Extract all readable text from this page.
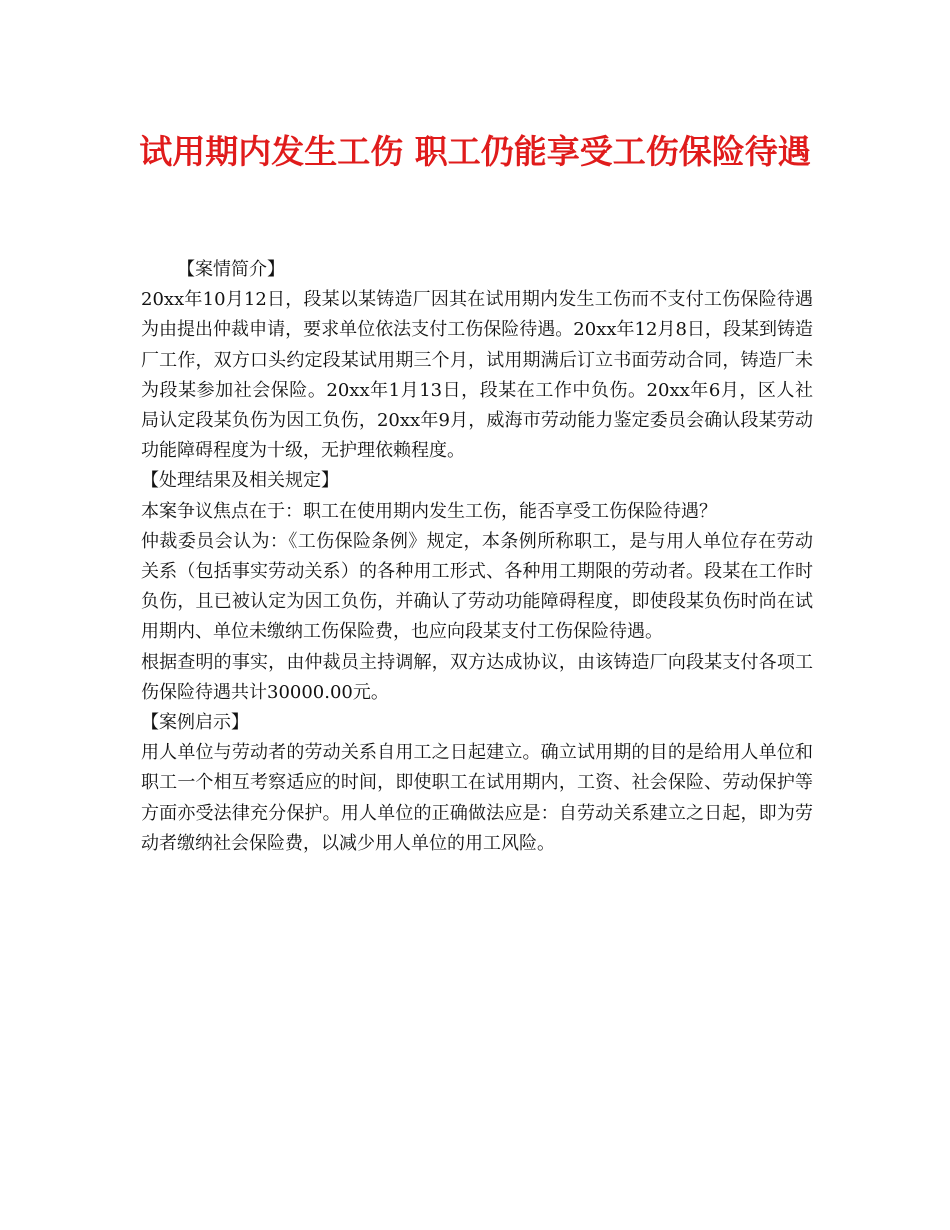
试用期内发生工伤 职工仍能享受工伤保险待遇

【案情简介】

20xx年10月12日，段某以某铸造厂因其在试用期内发生工伤而不支付工伤保险待遇为由提出仲裁申请，要求单位依法支付工伤保险待遇。20xx年12月8日，段某到铸造厂工作，双方口头约定段某试用期三个月，试用期满后订立书面劳动合同，铸造厂未为段某参加社会保险。20xx年1月13日，段某在工作中负伤。20xx年6月，区人社局认定段某负伤为因工负伤，20xx年9月，威海市劳动能力鉴定委员会确认段某劳动功能障碍程度为十级，无护理依赖程度。

【处理结果及相关规定】

本案争议焦点在于：职工在使用期内发生工伤，能否享受工伤保险待遇？

仲裁委员会认为：《工伤保险条例》规定，本条例所称职工，是与用人单位存在劳动关系（包括事实劳动关系）的各种用工形式、各种用工期限的劳动者。段某在工作时负伤，且已被认定为因工负伤，并确认了劳动功能障碍程度，即使段某负伤时尚在试用期内、单位未缴纳工伤保险费，也应向段某支付工伤保险待遇。

根据查明的事实，由仲裁员主持调解，双方达成协议，由该铸造厂向段某支付各项工伤保险待遇共计30000.00元。

【案例启示】

用人单位与劳动者的劳动关系自用工之日起建立。确立试用期的目的是给用人单位和职工一个相互考察适应的时间，即使职工在试用期内，工资、社会保险、劳动保护等方面亦受法律充分保护。用人单位的正确做法应是：自劳动关系建立之日起，即为劳动者缴纳社会保险费，以减少用人单位的用工风险。
